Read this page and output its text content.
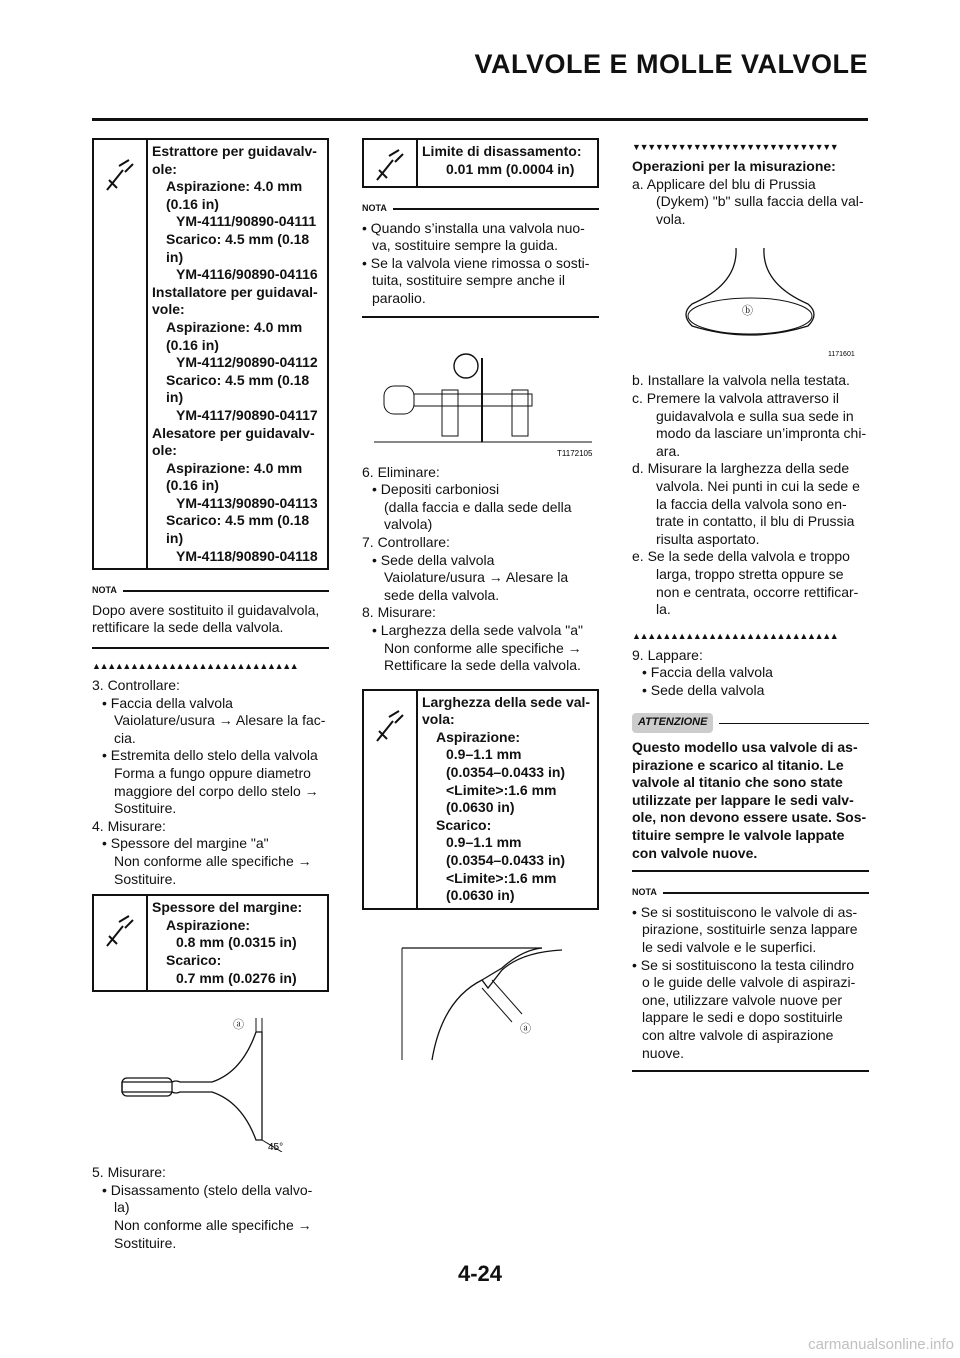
VALVOLE E MOLLE VALVOLE

Estrattore per guidavalv-

ole:

Aspirazione: 4.0 mm

(0.16 in)

YM-4111/90890-04111

Scarico: 4.5 mm (0.18

in)

YM-4116/90890-04116

Installatore per guidaval-

vole:

Aspirazione: 4.0 mm

(0.16 in)

YM-4112/90890-04112

Scarico: 4.5 mm (0.18

in)

YM-4117/90890-04117

Alesatore per guidavalv-

ole:

Aspirazione: 4.0 mm

(0.16 in)

YM-4113/90890-04113

Scarico: 4.5 mm (0.18

in)

YM-4118/90890-04118

NOTA

Dopo avere sostituito il guidavalvola, rettificare la sede della valvola.

▲▲▲▲▲▲▲▲▲▲▲▲▲▲▲▲▲▲▲▲▲▲▲▲▲▲▲

3. Controllare:

• Faccia della valvola

Vaiolature/usura → Alesare la fac-

cia.

• Estremita dello stelo della valvola

Forma a fungo oppure diametro

maggiore del corpo dello stelo →

Sostituire.

4. Misurare:

• Spessore del margine "a"

Non conforme alle specifiche →

Sostituire.

Spessore del margine:

Aspirazione:

0.8 mm (0.0315 in)

Scarico:

0.7 mm (0.0276 in)

ⓐ
45°

5. Misurare:

• Disassamento (stelo della valvo-

la)

Non conforme alle specifiche →

Sostituire.

Limite di disassamento:

0.01 mm (0.0004 in)

NOTA

• Quando s’installa una valvola nuo-

va, sostituire sempre la guida.

• Se la valvola viene rimossa o sosti-

tuita, sostituire sempre anche il

paraolio.

T1172105

6. Eliminare:

• Depositi carboniosi

(dalla faccia e dalla sede della

valvola)

7. Controllare:

• Sede della valvola

Vaiolature/usura → Alesare la

sede della valvola.

8. Misurare:

• Larghezza della sede valvola "a"

Non conforme alle specifiche →

Rettificare la sede della valvola.

Larghezza della sede val-

vola:

Aspirazione:

0.9–1.1 mm

(0.0354–0.0433 in)

<Limite>:1.6 mm

(0.0630 in)

Scarico:

0.9–1.1 mm

(0.0354–0.0433 in)

<Limite>:1.6 mm

(0.0630 in)

ⓐ
▼▼▼▼▼▼▼▼▼▼▼▼▼▼▼▼▼▼▼▼▼▼▼▼▼▼▼

Operazioni per la misurazione:

a. Applicare del blu di Prussia

(Dykem) "b" sulla faccia della val-

vola.

ⓑ
1171601

b. Installare la valvola nella testata.

c. Premere la valvola attraverso il

guidavalvola e sulla sua sede in

modo da lasciare un’impronta chi-

ara.

d. Misurare la larghezza della sede

valvola. Nei punti in cui la sede e

la faccia della valvola sono en-

trate in contatto, il blu di Prussia

risulta asportato.

e. Se la sede della valvola e troppo

larga, troppo stretta oppure se

non e centrata, occorre rettificar-

la.

▲▲▲▲▲▲▲▲▲▲▲▲▲▲▲▲▲▲▲▲▲▲▲▲▲▲▲

9. Lappare:

• Faccia della valvola

• Sede della valvola

ATTENZIONE

Questo modello usa valvole di as-

pirazione e scarico al titanio. Le

valvole al titanio che sono state

utilizzate per lappare le sedi valv-

ole, non devono essere usate. Sos-

tituire sempre le valvole lappate

con valvole nuove.

NOTA

• Se si sostituiscono le valvole di as-

pirazione, sostituirle senza lappare

le sedi valvole e le superfici.

• Se si sostituiscono la testa cilindro

o le guide delle valvole di aspirazi-

one, utilizzare valvole nuove per

lappare le sedi e dopo sostituirle

con altre valvole di aspirazione

nuove.

4-24
carmanualsonline.info
